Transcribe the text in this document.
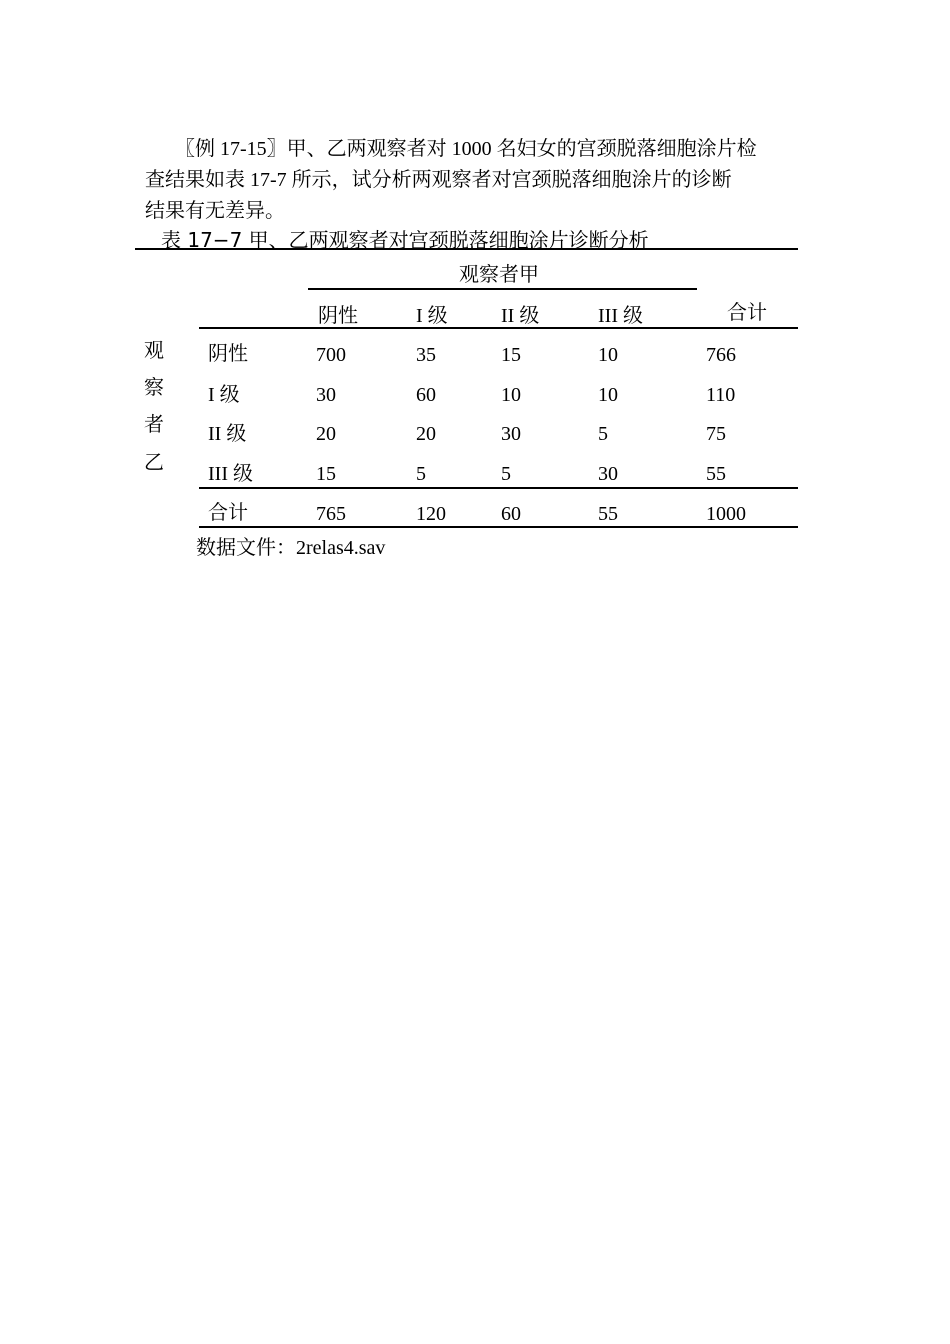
〖例 17-15〗甲、乙两观察者对 1000 名妇女的宫颈脱落细胞涂片检
查结果如表 17-7 所示，试分析两观察者对宫颈脱落细胞涂片的诊断
结果有无差异。
表 17−7 甲、乙两观察者对宫颈脱落细胞涂片诊断分析
观察者甲
阴性	I 级	II 级	III 级	合计
观
察
者
乙
阴性	700	35	15	10	766
I 级	30	60	10	10	110
II 级	20	20	30	5	75
III 级	15	5	5	30	55
合计	765	120	60	55	1000
数据文件：2relas4.sav
